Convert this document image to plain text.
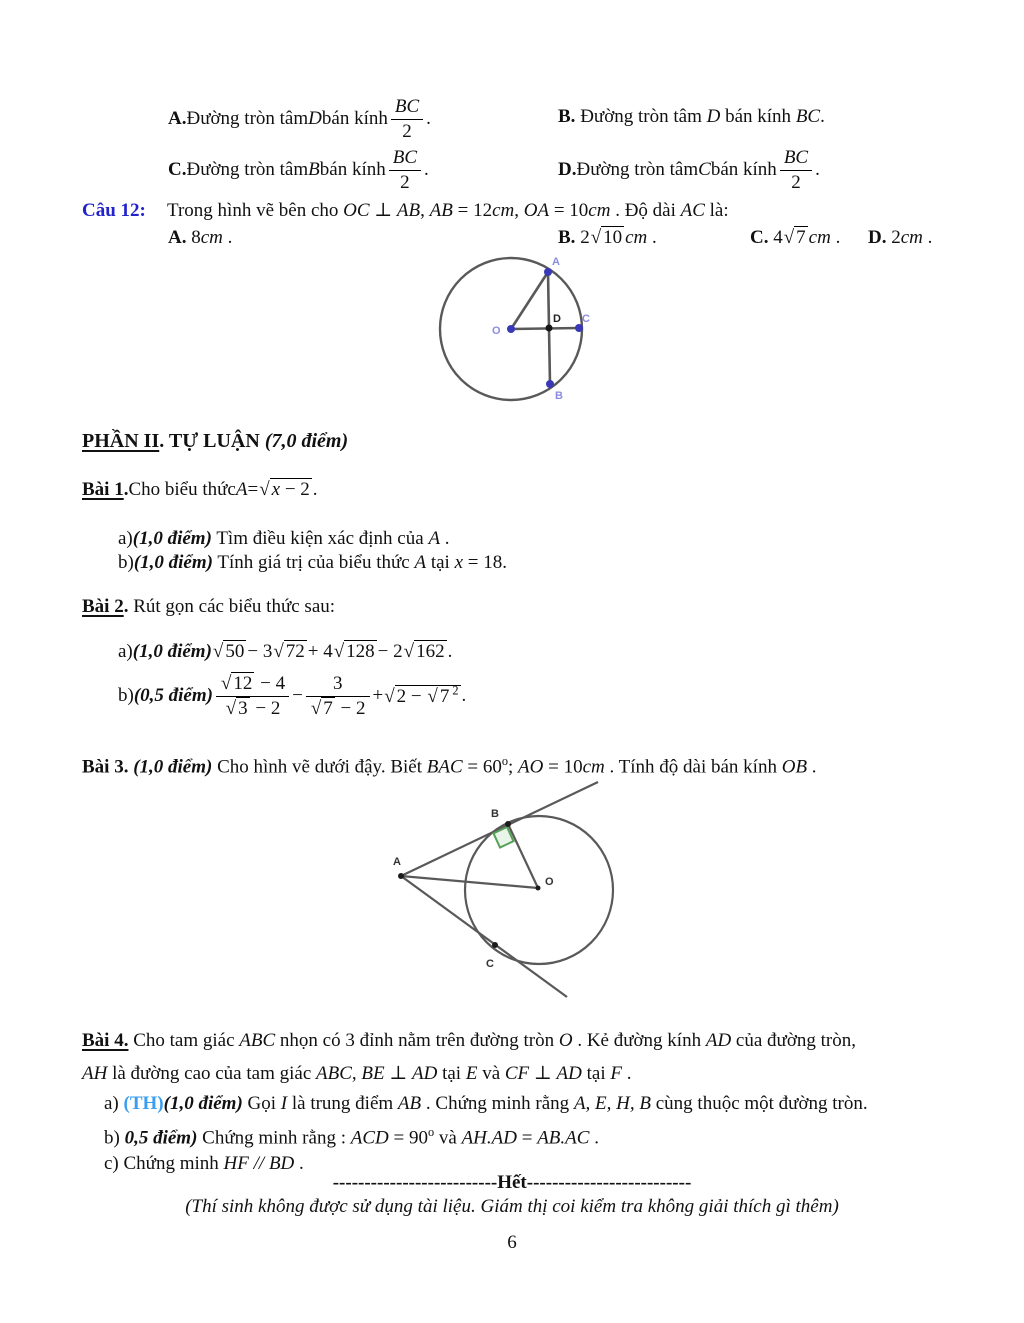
A. Đường tròn tâm D bán kính $\frac{BC}{2}$ .	B. Đường tròn tâm D bán kính BC.
C. Đường tròn tâm B bán kính $\frac{BC}{2}$ .	D. Đường tròn tâm C bán kính $\frac{BC}{2}$ .
Câu 12: Trong hình vẽ bên cho OC ⊥ AB, AB = 12cm, OA = 10cm . Độ dài AC là:
A. 8cm .	B. 2√ 10 cm .	C. 4√ 7 cm . D. 2cm .
A
B
C
D
O
PHẦN II. TỰ LUẬN (7,0 điểm)
Bài 1 . Cho biểu thức A = √ x − 2 .
a)(1,0 điểm) Tìm điều kiện xác định của A .
b)(1,0 điểm) Tính giá trị của biểu thức A tại x = 18.
Bài 2. Rút gọn các biểu thức sau:
a) (1,0 điểm) √ 50 − 3 √ 72 + 4 √ 128 − 2 √ 162 .
b) (0,5 điểm) $\frac{√ 12 - 4}{√ 3 - 2} - \frac{3}{√ 7 - 2}$ + √ 2 − √ 7 $^2$ .
Bài 3. (1,0 điểm) Cho hình vẽ dưới đậy. Biết BAC = $60^o$; AO = 10cm . Tính độ dài bán kính OB .
A
B
O
C
Bài 4. Cho tam giác ABC nhọn có 3 đỉnh nằm trên đường tròn O . Kẻ đường kính AD của đường tròn,
AH là đường cao của tam giác ABC, BE ⊥ AD tại E và CF ⊥ AD tại F .
a) (TH)(1,0 điểm) Gọi I là trung điểm AB . Chứng minh rằng A, E, H, B cùng thuộc một đường tròn.
b) 0,5 điểm) Chứng minh rằng : ACD = $90^o$ và AH.AD = AB.AC .
c) Chứng minh HF // BD .
--------------------------Hết--------------------------
(Thí sinh không được sử dụng tài liệu. Giám thị coi kiểm tra không giải thích gì thêm)
6
